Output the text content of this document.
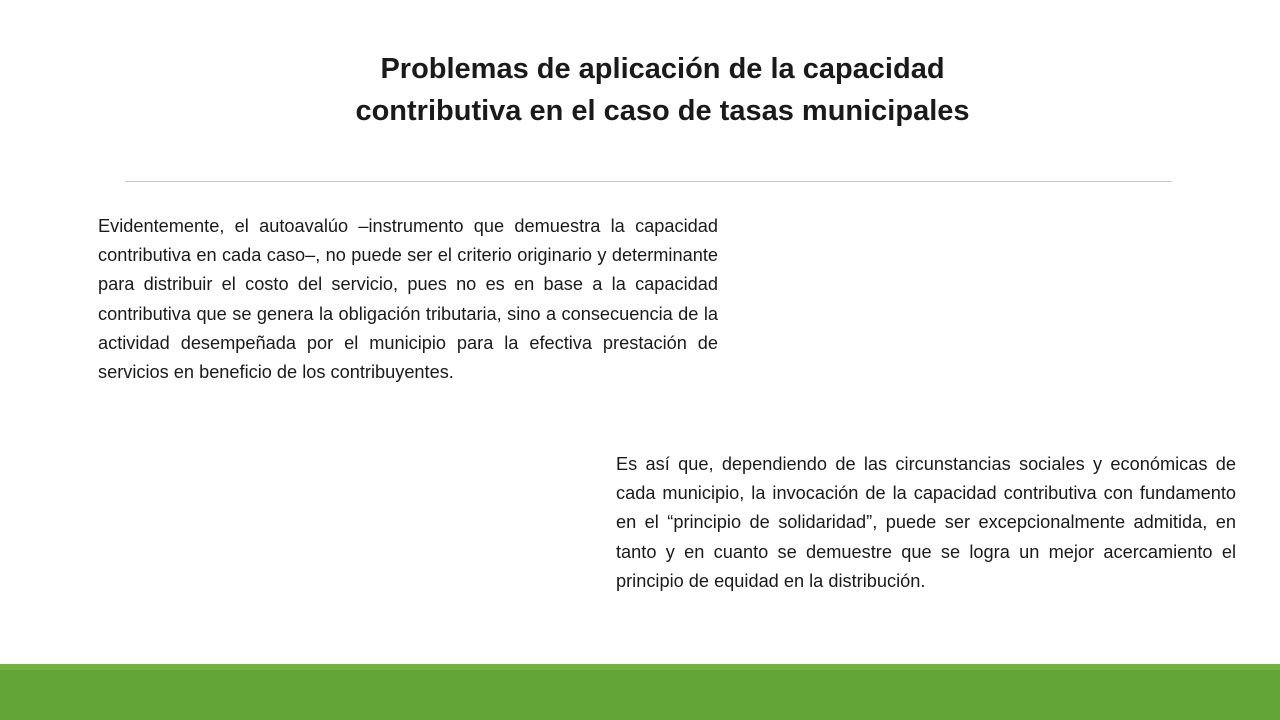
Problemas de aplicación de la capacidad
contributiva en el caso de tasas municipales

Evidentemente, el autoavalúo –instrumento que demuestra la capacidad contributiva en cada caso–, no puede ser el criterio originario y determinante para distribuir el costo del servicio, pues no es en base a la capacidad contributiva que se genera la obligación tributaria, sino a consecuencia de la actividad desempeñada por el municipio para la efectiva prestación de servicios en beneficio de los contribuyentes.

Es así que, dependiendo de las circunstancias sociales y económicas de cada municipio, la invocación de la capacidad contributiva con fundamento en el “principio de solidaridad”, puede ser excepcionalmente admitida, en tanto y en cuanto se demuestre que se logra un mejor acercamiento el principio de equidad en la distribución.
